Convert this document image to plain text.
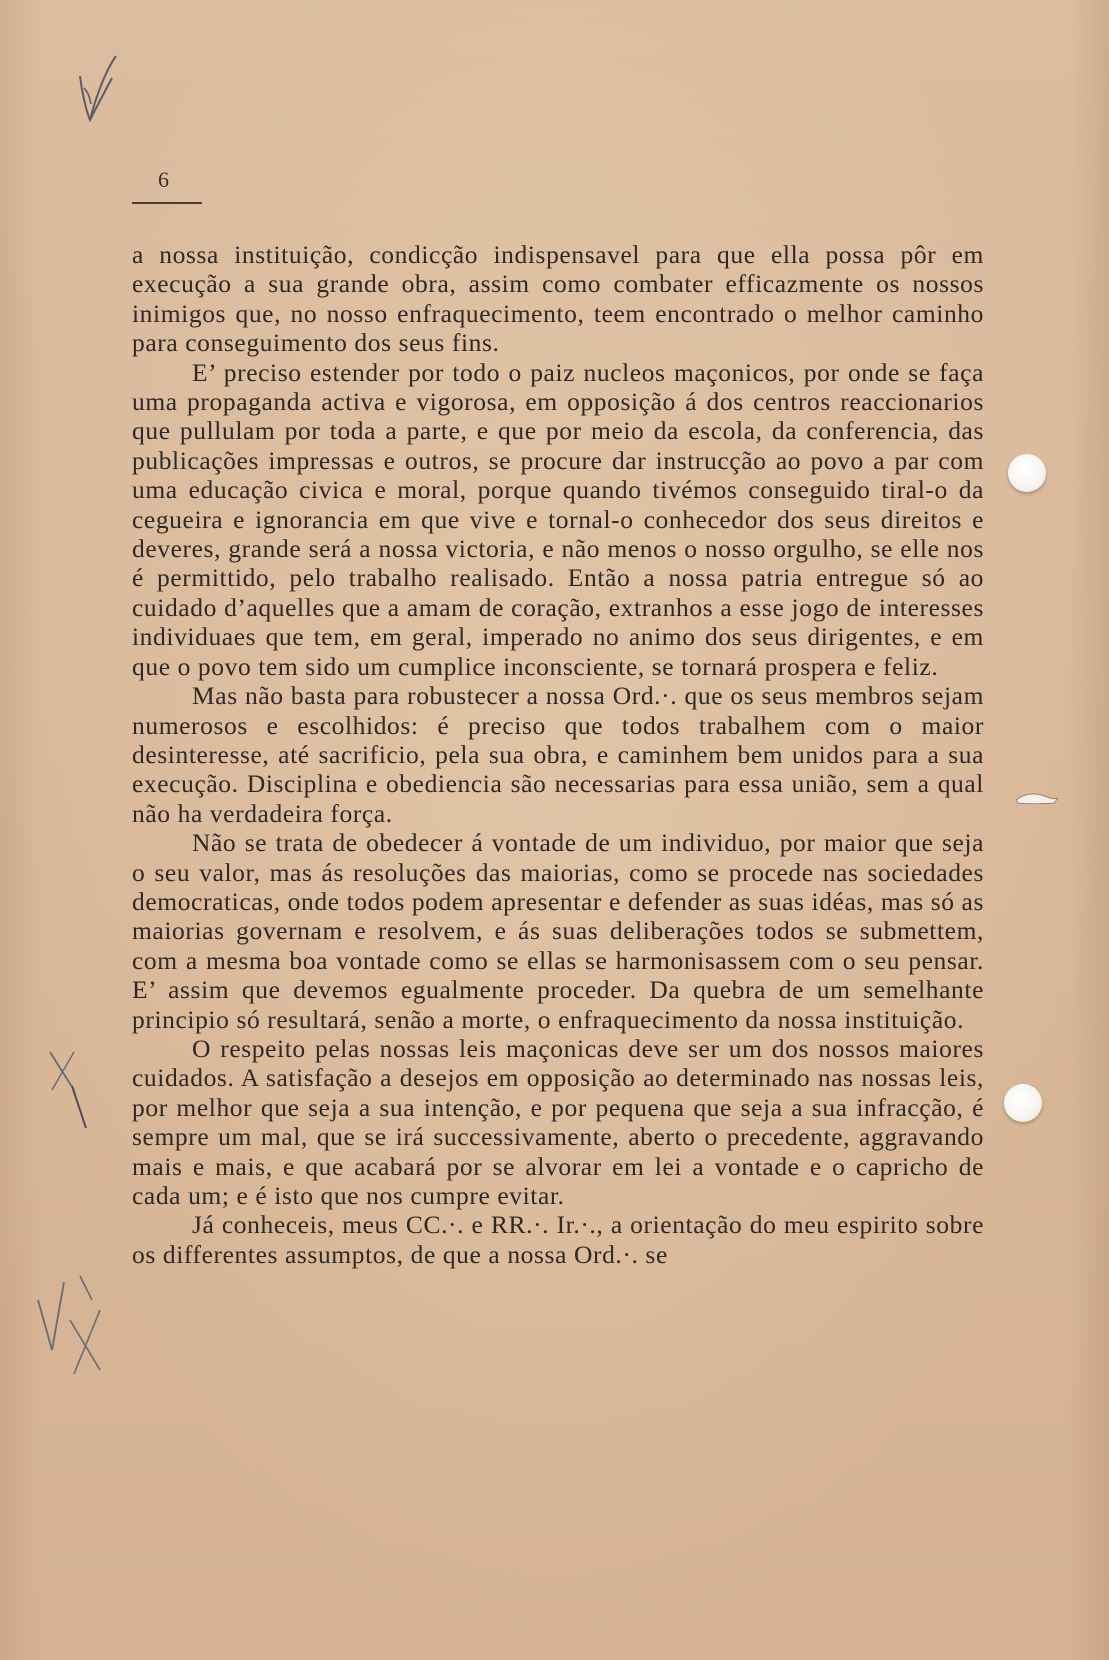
6

a nossa instituição, condicção indispensavel para que ella possa pôr em execução a sua grande obra, assim como combater efficazmente os nossos inimigos que, no nosso enfraquecimento, teem encontrado o melhor caminho para conseguimento dos seus fins.

E’ preciso estender por todo o paiz nucleos maçonicos, por onde se faça uma propaganda activa e vigorosa, em opposição á dos centros reaccionarios que pullulam por toda a parte, e que por meio da escola, da conferencia, das publicações impressas e outros, se procure dar instrucção ao povo a par com uma educação civica e moral, porque quando tivémos conseguido tiral-o da cegueira e ignorancia em que vive e tornal-o conhecedor dos seus direitos e deveres, grande será a nossa victoria, e não menos o nosso orgulho, se elle nos é permittido, pelo trabalho realisado. Então a nossa patria entregue só ao cuidado d’aquelles que a amam de coração, extranhos a esse jogo de interesses individuaes que tem, em geral, imperado no animo dos seus dirigentes, e em que o povo tem sido um cumplice inconsciente, se tornará prospera e feliz.

Mas não basta para robustecer a nossa Ord.·. que os seus membros sejam numerosos e escolhidos: é preciso que todos trabalhem com o maior desinteresse, até sacrificio, pela sua obra, e caminhem bem unidos para a sua execução. Disciplina e obediencia são necessarias para essa união, sem a qual não ha verdadeira força.

Não se trata de obedecer á vontade de um individuo, por maior que seja o seu valor, mas ás resoluções das maiorias, como se procede nas sociedades democraticas, onde todos podem apresentar e defender as suas idéas, mas só as maiorias governam e resolvem, e ás suas deliberações todos se submettem, com a mesma boa vontade como se ellas se harmonisassem com o seu pensar. E’ assim que devemos egualmente proceder. Da quebra de um semelhante principio só resultará, senão a morte, o enfraquecimento da nossa instituição.

O respeito pelas nossas leis maçonicas deve ser um dos nossos maiores cuidados. A satisfação a desejos em opposição ao determinado nas nossas leis, por melhor que seja a sua intenção, e por pequena que seja a sua infracção, é sempre um mal, que se irá successivamente, aberto o precedente, aggravando mais e mais, e que acabará por se alvorar em lei a vontade e o capricho de cada um; e é isto que nos cumpre evitar.

Já conheceis, meus CC.·. e RR.·. Ir.·., a orientação do meu espirito sobre os differentes assumptos, de que a nossa Ord.·. se
